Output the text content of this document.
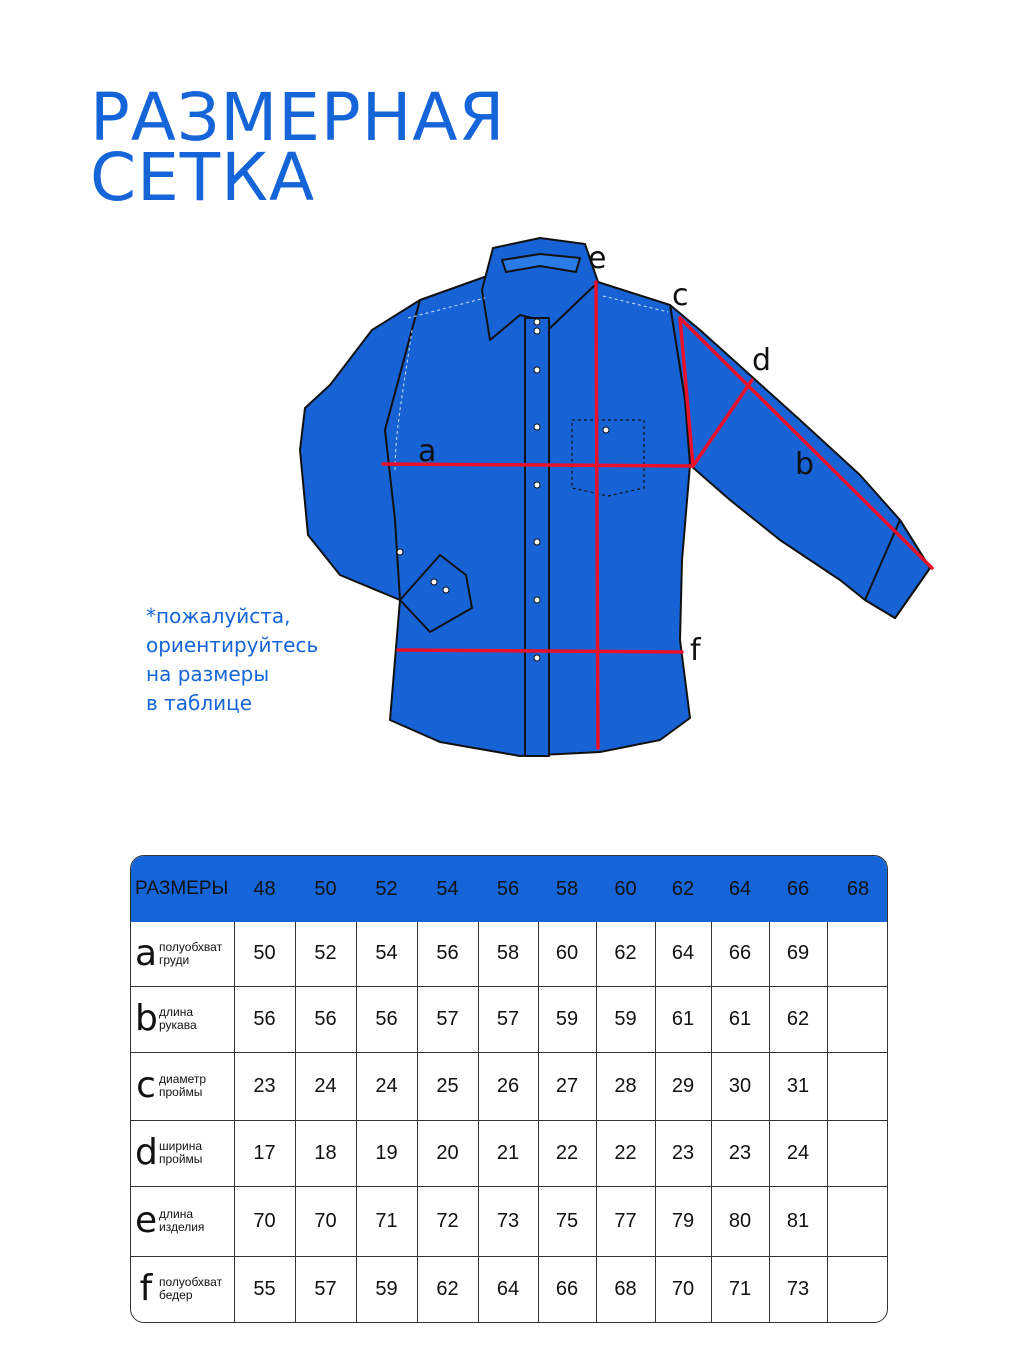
РАЗМЕРНАЯ
СЕТКА
a	b
c
d
e
f
*пожалуйста,
ориентируйтесь
на размеры
в таблице
РАЗМЕРЫ	48	50	52	54	56	58	60	62	64	66	68

a полуобхват
груди	50	52	54	56	58	60	62	64	66	69	

b длина
рукава	56	56	56	57	57	59	59	61	61	62	

c диаметр
проймы	23	24	24	25	26	27	28	29	30	31	

d ширина
проймы	17	18	19	20	21	22	22	23	23	24	

e длина
изделия	70	70	71	72	73	75	77	79	80	81	

f полуобхват
бедер	55	57	59	62	64	66	68	70	71	73	
